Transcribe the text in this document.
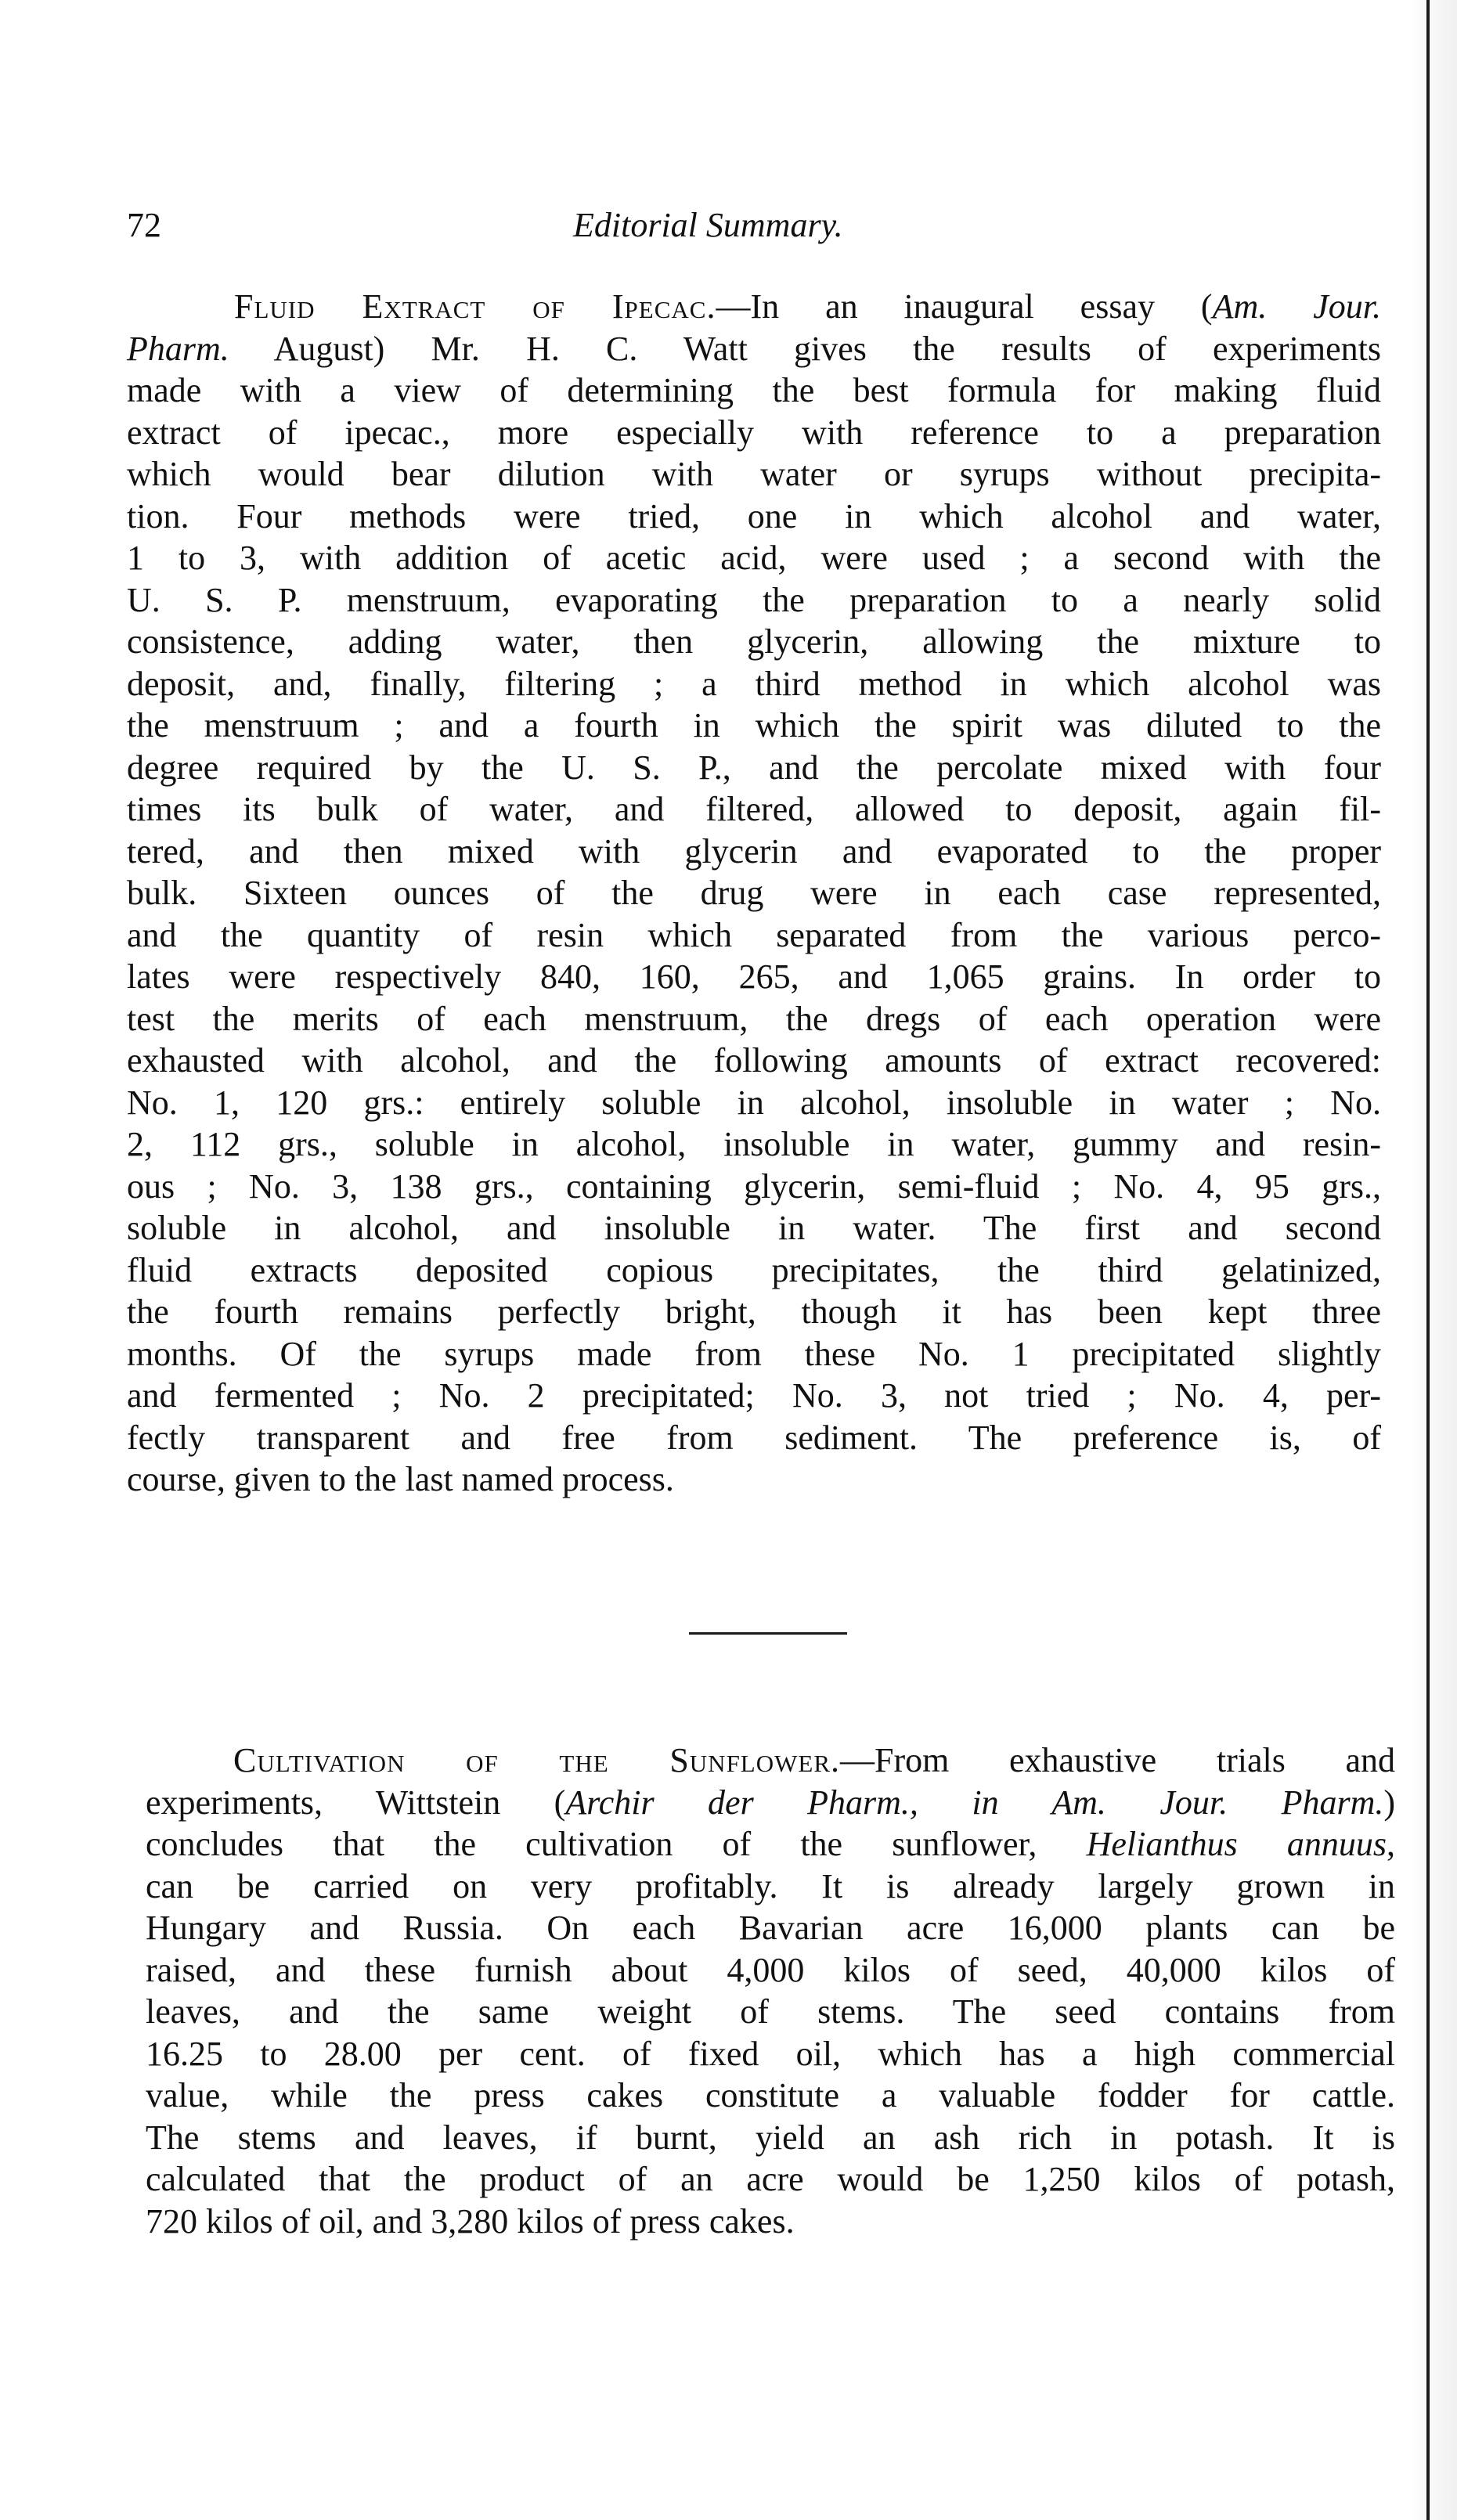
72	Editorial Summary.
Fluid Extract of Ipecac.—In an inaugural essay (Am. Jour.
Pharm. August) Mr. H. C. Watt gives the results of experiments
made with a view of determining the best formula for making fluid
extract of ipecac., more especially with reference to a preparation
which would bear dilution with water or syrups without precipita-
tion. Four methods were tried, one in which alcohol and water,
1 to 3, with addition of acetic acid, were used ; a second with the
U. S. P. menstruum, evaporating the preparation to a nearly solid
consistence, adding water, then glycerin, allowing the mixture to
deposit, and, finally, filtering ; a third method in which alcohol was
the menstruum ; and a fourth in which the spirit was diluted to the
degree required by the U. S. P., and the percolate mixed with four
times its bulk of water, and filtered, allowed to deposit, again fil-
tered, and then mixed with glycerin and evaporated to the proper
bulk. Sixteen ounces of the drug were in each case represented,
and the quantity of resin which separated from the various perco-
lates were respectively 840, 160, 265, and 1,065 grains. In order to
test the merits of each menstruum, the dregs of each operation were
exhausted with alcohol, and the following amounts of extract recovered:
No. 1, 120 grs.: entirely soluble in alcohol, insoluble in water ; No.
2, 112 grs., soluble in alcohol, insoluble in water, gummy and resin-
ous ; No. 3, 138 grs., containing glycerin, semi-fluid ; No. 4, 95 grs.,
soluble in alcohol, and insoluble in water. The first and second
fluid extracts deposited copious precipitates, the third gelatinized,
the fourth remains perfectly bright, though it has been kept three
months. Of the syrups made from these No. 1 precipitated slightly
and fermented ; No. 2 precipitated; No. 3, not tried ; No. 4, per-
fectly transparent and free from sediment. The preference is, of
course, given to the last named process.
Cultivation of the Sunflower.—From exhaustive trials and
experiments, Wittstein (Archir der Pharm., in Am. Jour. Pharm.)
concludes that the cultivation of the sunflower, Helianthus annuus,
can be carried on very profitably. It is already largely grown in
Hungary and Russia. On each Bavarian acre 16,000 plants can be
raised, and these furnish about 4,000 kilos of seed, 40,000 kilos of
leaves, and the same weight of stems. The seed contains from
16.25 to 28.00 per cent. of fixed oil, which has a high commercial
value, while the press cakes constitute a valuable fodder for cattle.
The stems and leaves, if burnt, yield an ash rich in potash. It is
calculated that the product of an acre would be 1,250 kilos of potash,
720 kilos of oil, and 3,280 kilos of press cakes.
